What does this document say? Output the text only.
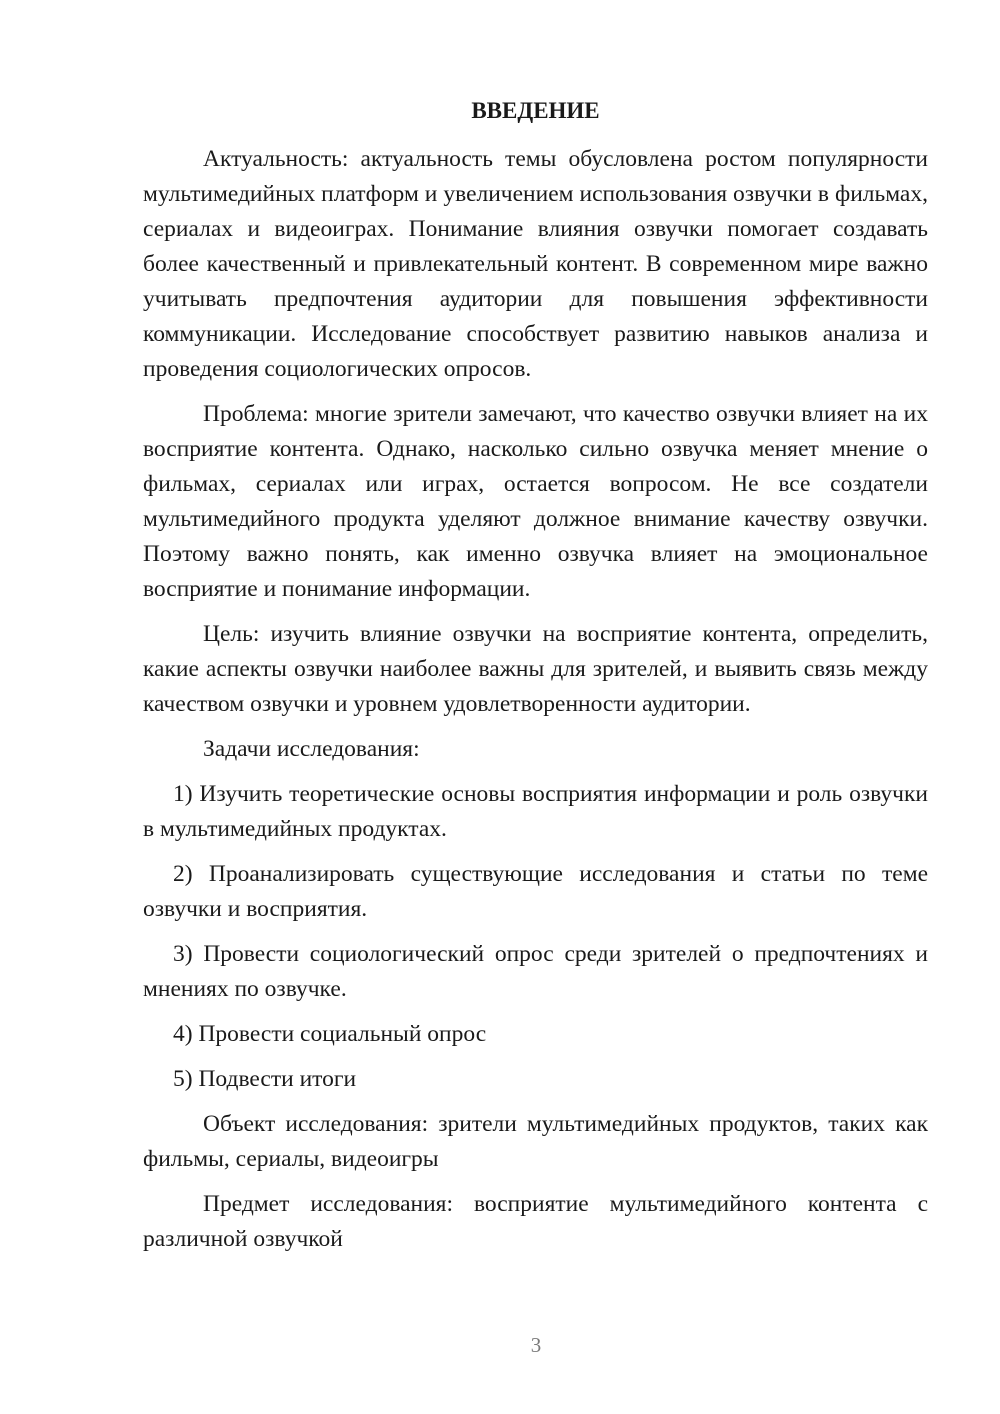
ВВЕДЕНИЕ

Актуальность: актуальность темы обусловлена ростом популярности мультимедийных платформ и увеличением использования озвучки в фильмах, сериалах и видеоиграх. Понимание влияния озвучки помогает создавать более качественный и привлекательный контент. В современном мире важно учитывать предпочтения аудитории для повышения эффективности коммуникации. Исследование способствует развитию навыков анализа и проведения социологических опросов.

Проблема: многие зрители замечают, что качество озвучки влияет на их восприятие контента. Однако, насколько сильно озвучка меняет мнение о фильмах, сериалах или играх, остается вопросом. Не все создатели мультимедийного продукта уделяют должное внимание качеству озвучки. Поэтому важно понять, как именно озвучка влияет на эмоциональное восприятие и понимание информации.

Цель: изучить влияние озвучки на восприятие контента, определить, какие аспекты озвучки наиболее важны для зрителей, и выявить связь между качеством озвучки и уровнем удовлетворенности аудитории.

Задачи исследования:

1) Изучить теоретические основы восприятия информации и роль озвучки в мультимедийных продуктах.

2) Проанализировать существующие исследования и статьи по теме озвучки и восприятия.

3) Провести социологический опрос среди зрителей о предпочтениях и мнениях по озвучке.

4) Провести социальный опрос

5) Подвести итоги

Объект исследования: зрители мультимедийных продуктов, таких как фильмы, сериалы, видеоигры

Предмет исследования: восприятие мультимедийного контента с различной озвучкой

3
